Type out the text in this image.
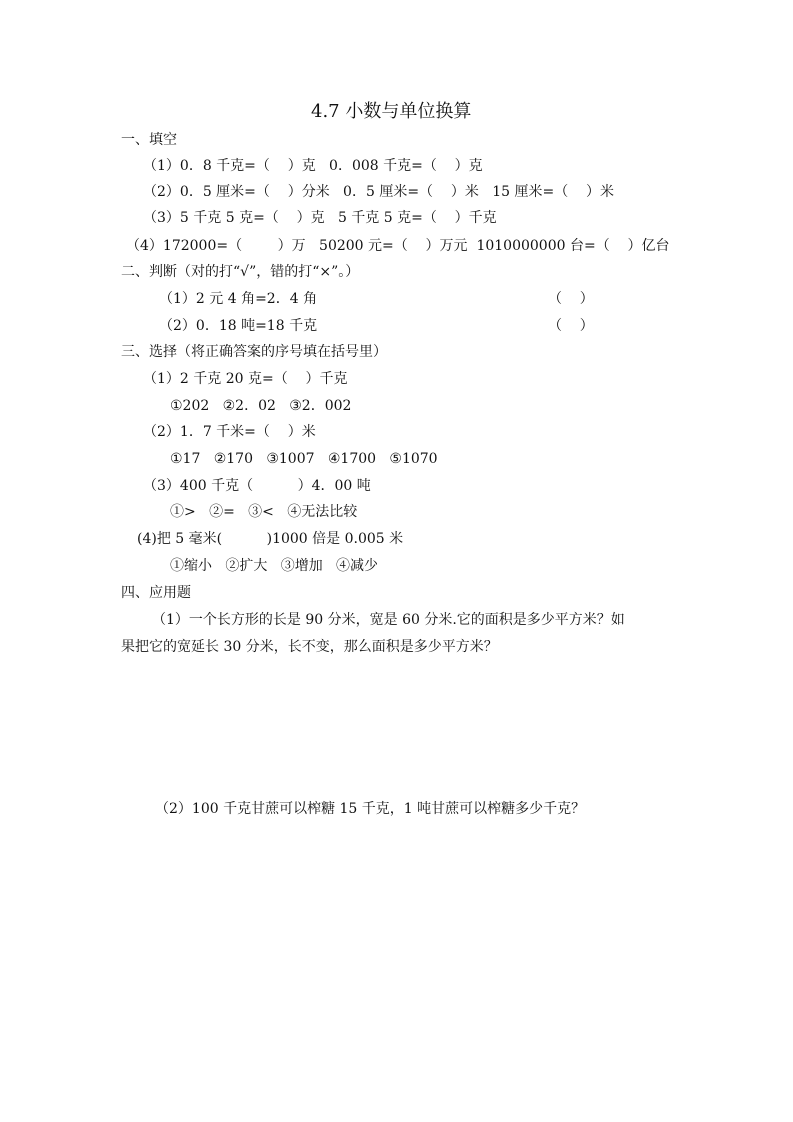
4.7 小数与单位换算
一、填空
（1）0．8 千克=（    ）克   0．008 千克=（    ）克
（2）0．5 厘米=（    ）分米   0．5 厘米=（    ）米   15 厘米=（    ）米
（3）5 千克 5 克=（    ）克   5 千克 5 克=（    ）千克
（4）172000=（        ）万   50200 元=（    ）万元  1010000000 台=（    ）亿台
二、判断（对的打“√”，错的打“×”。）
（1）2 元 4 角=2．4 角	（    ）
（2）0．18 吨=18 千克	（    ）
三、选择（将正确答案的序号填在括号里）
（1）2 千克 20 克=（    ）千克
①202   ②2．02   ③2．002
（2）1．7 千米=（    ）米
①17   ②170   ③1007   ④1700   ⑤1070
（3）400 千克（          ）4．00 吨
①>   ②=   ③<   ④无法比较
(4)把 5 毫米(          )1000 倍是 0.005 米
①缩小   ②扩大   ③增加   ④减少
四、应用题
（1）一个长方形的长是 90 分米，宽是 60 分米.它的面积是多少平方米？如
果把它的宽延长 30 分米，长不变，那么面积是多少平方米？
（2）100 千克甘蔗可以榨糖 15 千克，1 吨甘蔗可以榨糖多少千克？
